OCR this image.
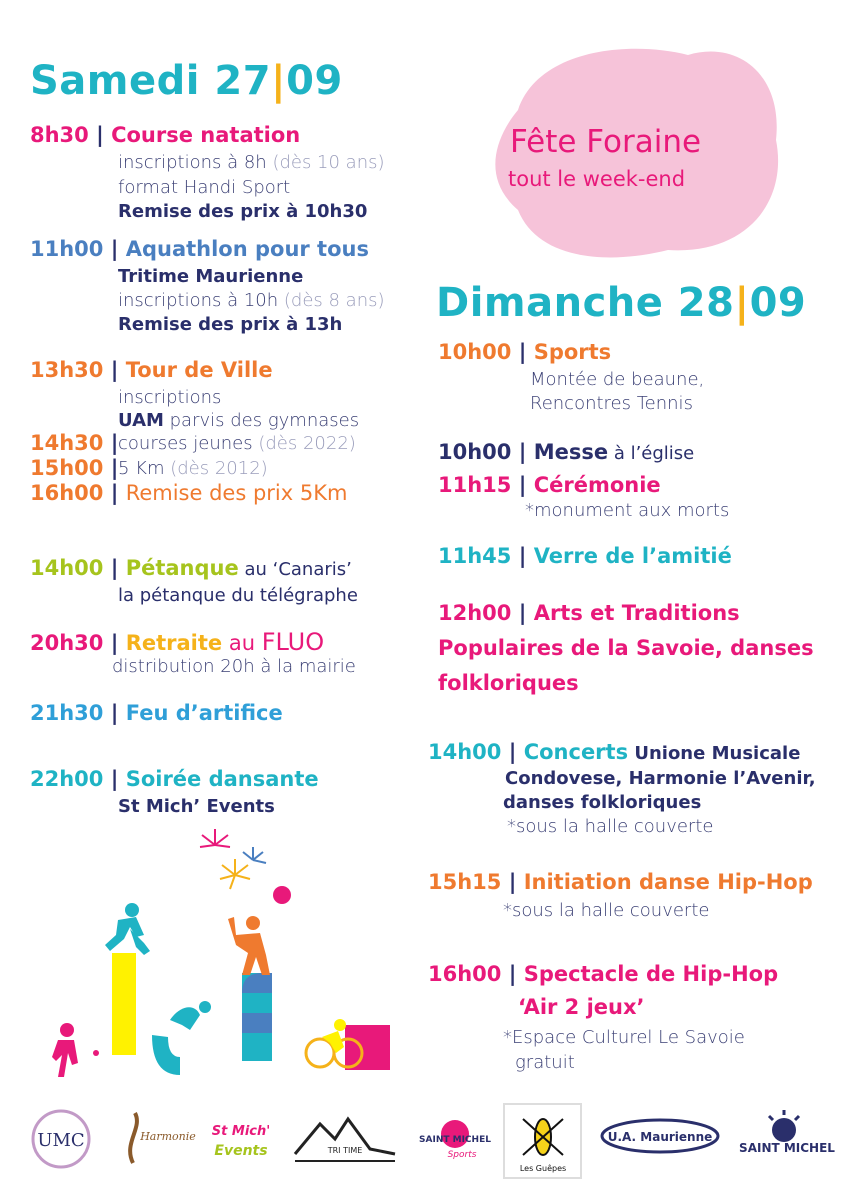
Samedi 27|09
8h30 | Course natation
inscriptions à 8h (dès 10 ans)
format Handi Sport
Remise des prix à 10h30
11h00 | Aquathlon pour tous
Tritime Maurienne
inscriptions à 10h (dès 8 ans)
Remise des prix à 13h
13h30 | Tour de Ville
inscriptions
UAM parvis des gymnases
14h30 | courses jeunes (dès 2022)
15h00 | 5 Km (dès 2012)
16h00 | Remise des prix 5Km
14h00 | Pétanque au ‘Canaris’
la pétanque du télégraphe
20h30 | Retraite au FLUO
distribution 20h à la mairie
21h30 | Feu d’artifice
22h00 | Soirée dansante
St Mich’ Events
Fête Foraine
tout le week-end
Dimanche 28|09
10h00 | Sports
Montée de beaune,
Rencontres Tennis
10h00 | Messe à l’église
11h15 | Cérémonie
*monument aux morts
11h45 | Verre de l’amitié
12h00 | Arts et Traditions
Populaires de la Savoie, danses
folkloriques
14h00 | Concerts Unione Musicale
Condovese, Harmonie l’Avenir,
danses folkloriques
*sous la halle couverte
15h15 | Initiation danse Hip-Hop
*sous la halle couverte
16h00 | Spectacle de Hip-Hop
‘Air 2 jeux’
*Espace Culturel Le Savoie
gratuit
UMC	Harmonie St Mich'
Events
St Mich’ Events
TRI TIME
SAINT MICHEL
Sports
Les Guêpes
U.A. Maurienne
SAINT MICHEL
